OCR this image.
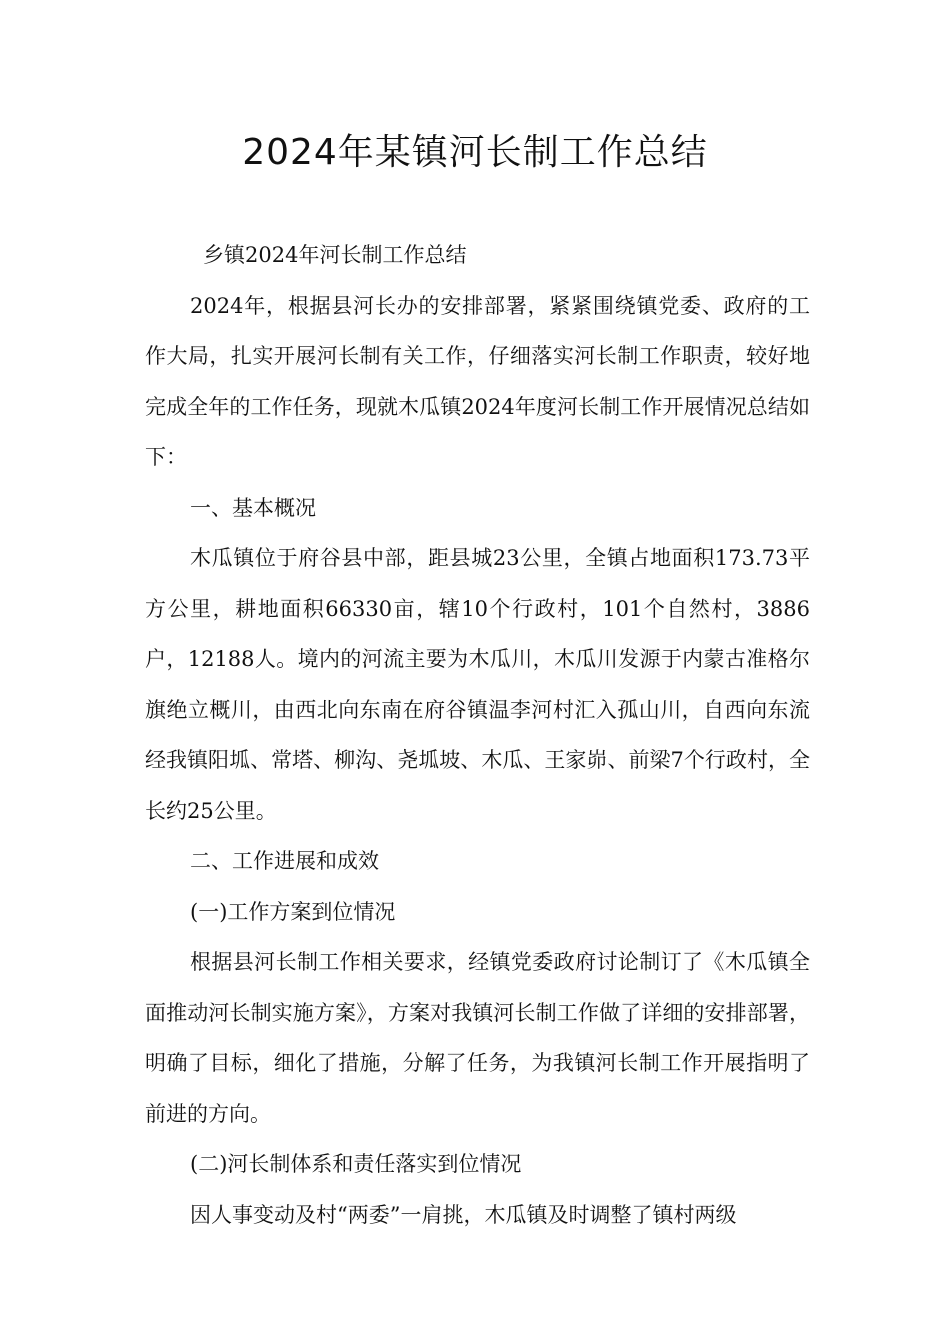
2024年某镇河长制工作总结

乡镇2024年河长制工作总结

2024年，根据县河长办的安排部署，紧紧围绕镇党委、政府的工作大局，扎实开展河长制有关工作，仔细落实河长制工作职责，较好地完成全年的工作任务，现就木瓜镇2024年度河长制工作开展情况总结如下：

一、基本概况

木瓜镇位于府谷县中部，距县城23公里，全镇占地面积173.73平方公里，耕地面积66330亩，辖10个行政村，101个自然村，3886户，12188人。境内的河流主要为木瓜川，木瓜川发源于内蒙古准格尔旗绝立概川，由西北向东南在府谷镇温李河村汇入孤山川，自西向东流经我镇阳坬、常塔、柳沟、尧坬坡、木瓜、王家峁、前梁7个行政村，全长约25公里。

二、工作进展和成效

(一)工作方案到位情况

根据县河长制工作相关要求，经镇党委政府讨论制订了《木瓜镇全面推动河长制实施方案》，方案对我镇河长制工作做了详细的安排部署，明确了目标，细化了措施，分解了任务，为我镇河长制工作开展指明了前进的方向。

(二)河长制体系和责任落实到位情况

因人事变动及村“两委”一肩挑，木瓜镇及时调整了镇村两级
